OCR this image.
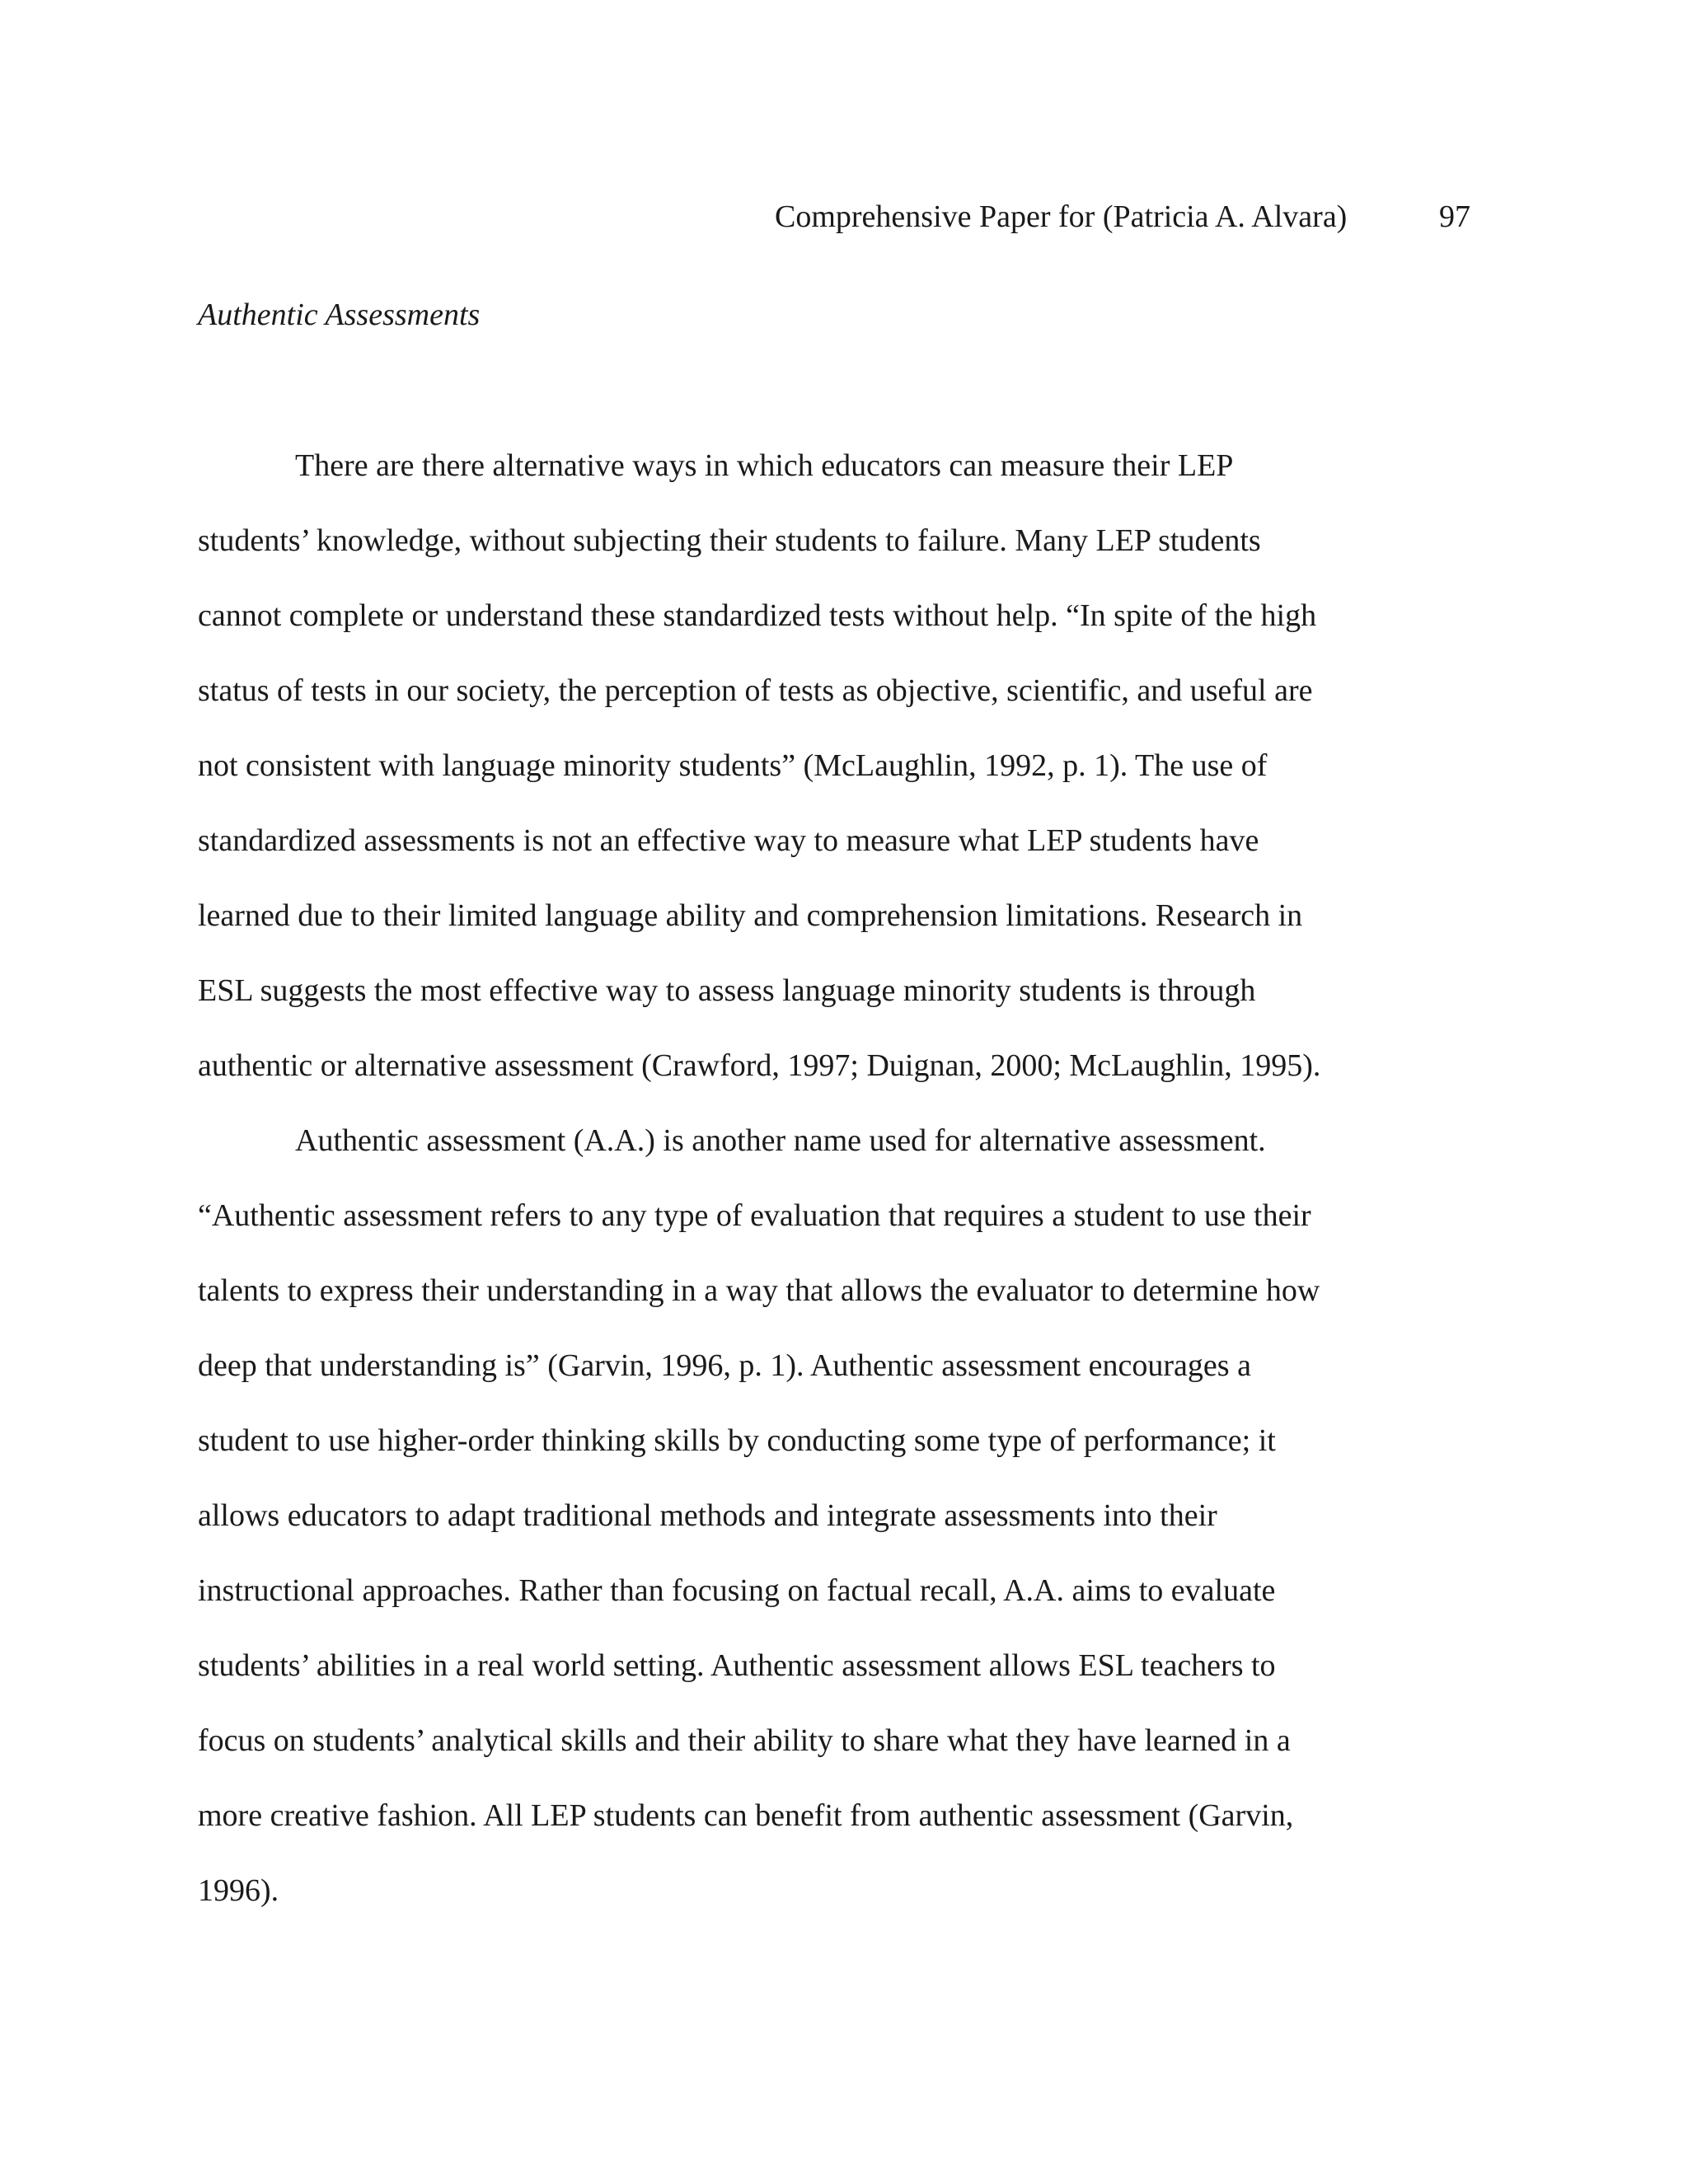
Comprehensive Paper for (Patricia A. Alvara)	97
Authentic Assessments
There are there alternative ways in which educators can measure their LEP
students’ knowledge, without subjecting their students to failure. Many LEP students
cannot complete or understand these standardized tests without help. “In spite of the high
status of tests in our society, the perception of tests as objective, scientific, and useful are
not consistent with language minority students” (McLaughlin, 1992, p. 1). The use of
standardized assessments is not an effective way to measure what LEP students have
learned due to their limited language ability and comprehension limitations. Research in
ESL suggests the most effective way to assess language minority students is through
authentic or alternative assessment (Crawford, 1997; Duignan, 2000; McLaughlin, 1995).
Authentic assessment (A.A.) is another name used for alternative assessment.
“Authentic assessment refers to any type of evaluation that requires a student to use their
talents to express their understanding in a way that allows the evaluator to determine how
deep that understanding is” (Garvin, 1996, p. 1). Authentic assessment encourages a
student to use higher-order thinking skills by conducting some type of performance; it
allows educators to adapt traditional methods and integrate assessments into their
instructional approaches. Rather than focusing on factual recall, A.A. aims to evaluate
students’ abilities in a real world setting. Authentic assessment allows ESL teachers to
focus on students’ analytical skills and their ability to share what they have learned in a
more creative fashion. All LEP students can benefit from authentic assessment (Garvin,
1996).
